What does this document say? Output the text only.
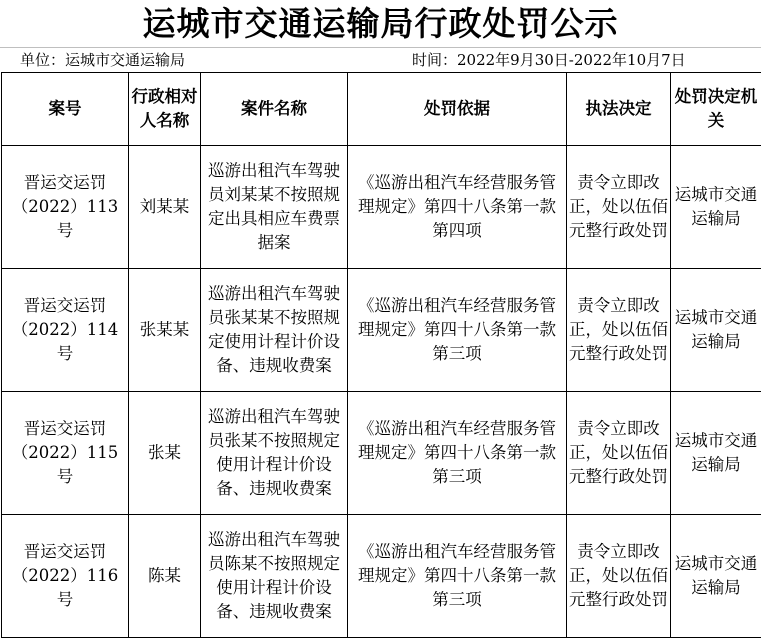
运城市交通运输局行政处罚公示
单位：运城市交通运输局	时间：2022年9月30日-2022年10月7日
案号	行政相对人名称	案件名称	处罚依据	执法决定	处罚决定机关
晋运交运罚（2022）113号	刘某某	巡游出租汽车驾驶员刘某某不按照规定出具相应车费票据案	《巡游出租汽车经营服务管理规定》第四十八条第一款第四项	责令立即改正，处以伍佰元整行政处罚	运城市交通运输局
晋运交运罚（2022）114号	张某某	巡游出租汽车驾驶员张某某不按照规定使用计程计价设备、违规收费案	《巡游出租汽车经营服务管理规定》第四十八条第一款第三项	责令立即改正，处以伍佰元整行政处罚	运城市交通运输局
晋运交运罚（2022）115号	张某	巡游出租汽车驾驶员张某不按照规定使用计程计价设备、违规收费案	《巡游出租汽车经营服务管理规定》第四十八条第一款第三项	责令立即改正，处以伍佰元整行政处罚	运城市交通运输局
晋运交运罚（2022）116号	陈某	巡游出租汽车驾驶员陈某不按照规定使用计程计价设备、违规收费案	《巡游出租汽车经营服务管理规定》第四十八条第一款第三项	责令立即改正，处以伍佰元整行政处罚	运城市交通运输局
